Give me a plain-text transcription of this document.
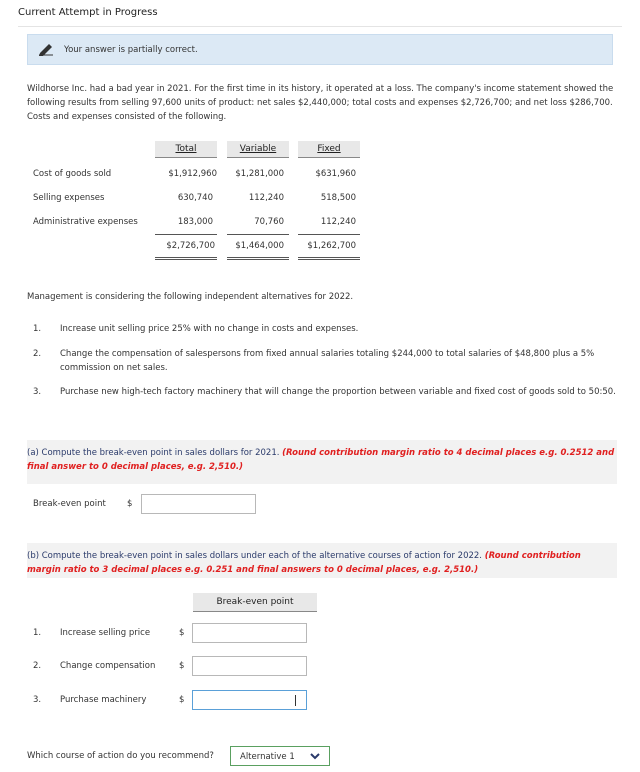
Current Attempt in Progress
Your answer is partially correct.
Wildhorse Inc. had a bad year in 2021. For the first time in its history, it operated at a loss. The company's income statement showed the following results from selling 97,600 units of product: net sales $2,440,000; total costs and expenses $2,726,700; and net loss $286,700. Costs and expenses consisted of the following.
Total	Variable	Fixed
Cost of goods sold	$1,912,960	$1,281,000	$631,960
Selling expenses	630,740	112,240	518,500
Administrative expenses	183,000	70,760	112,240
$2,726,700	$1,464,000	$1,262,700
Management is considering the following independent alternatives for 2022.
1. Increase unit selling price 25% with no change in costs and expenses.
2. Change the compensation of salespersons from fixed annual salaries totaling $244,000 to total salaries of $48,800 plus a 5% commission on net sales.
3. Purchase new high-tech factory machinery that will change the proportion between variable and fixed cost of goods sold to 50:50.
(a) Compute the break-even point in sales dollars for 2021. (Round contribution margin ratio to 4 decimal places e.g. 0.2512 and final answer to 0 decimal places, e.g. 2,510.)
Break-even point $
(b) Compute the break-even point in sales dollars under each of the alternative courses of action for 2022. (Round contribution margin ratio to 3 decimal places e.g. 0.251 and final answers to 0 decimal places, e.g. 2,510.)
Break-even point
1. Increase selling price	$
2. Change compensation	$
3. Purchase machinery	$
Which course of action do you recommend?	Alternative 1
